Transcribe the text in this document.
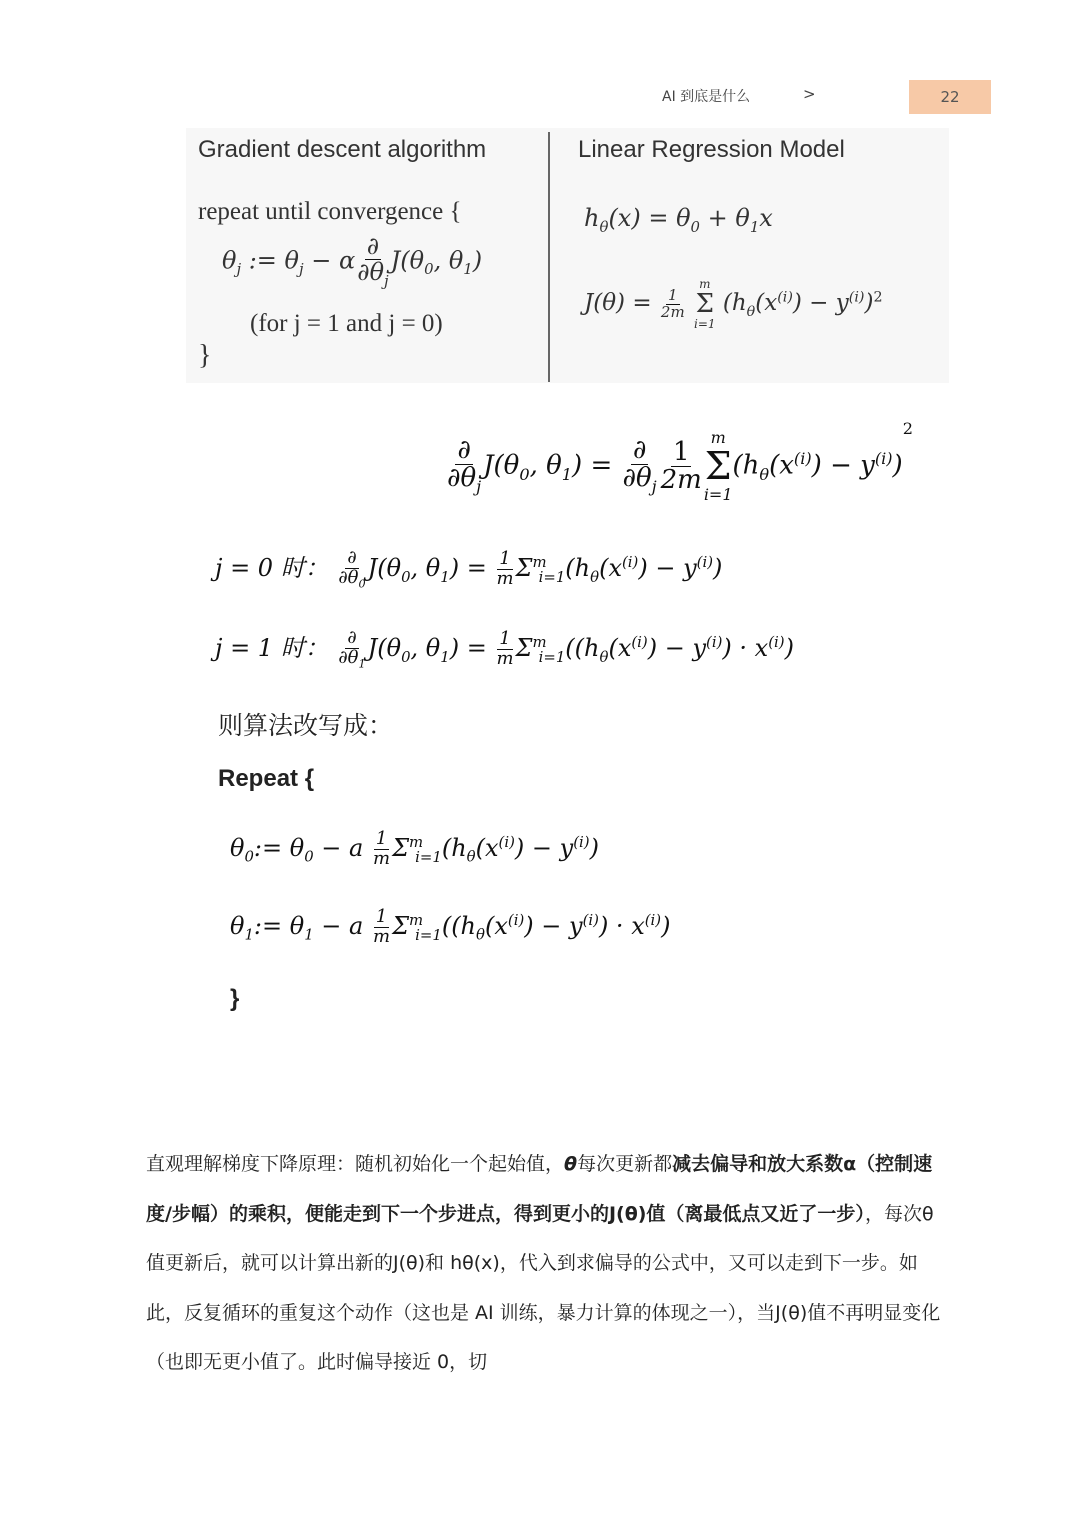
AI 到底是什么	>	22
Gradient descent algorithm	Linear Regression Model
repeat until convergence {
$\theta_j$ := $\theta_j - \alpha \frac{\partial}{\partial\theta_j} J(\theta_0$, $\theta_1$)
(for j = 1 and j = 0)
}
$h_\theta(x) = \theta_0 + \theta_1x$
$J(\theta) = \frac{1}{2m}$

m
Σ
i=1
$(h_\theta(x^{(i)}) - y^{(i)})^2$
$\frac{\partial}{\partial\theta_j} J(\theta_0$, $\theta_1) = \frac{\partial}{\partial\theta_j} \frac{1}{2m}$
m
Σ
i=1
$(h_\theta(x^{(i)}) - y^{(i)})^2$
j = 0 时： $\frac{\partial}{\partial\theta_0} J(\theta_0$, $\theta_1) = \frac{1}{m} \Sigma^m_{i=1}(h_\theta(x^{(i)}) - y^{(i)})$
j = 1 时： $\frac{\partial}{\partial\theta_1} J(\theta_0$, $\theta_1) = \frac{1}{m} \Sigma^m_{i=1}((h_\theta(x^{(i)}) - y^{(i)}) \cdot x^{(i)})$
则算法改写成：
Repeat {
$\theta_0:= \theta_0 - a \frac{1}{m} \Sigma^m_{i=1}(h_\theta(x^{(i)}) - y^{(i)})$
$\theta_1:= \theta_1 - a \frac{1}{m} \Sigma^m_{i=1}((h_\theta(x^{(i)}) - y^{(i)}) \cdot x^{(i)})$
}
直观理解梯度下降原理：随机初始化一个起始值，θ每次更新都减去偏导和放大系数α（控制速度/步幅）的乘积，便能走到下一个步进点，得到更小的J(θ)值（离最低点又近了一步），每次θ值更新后，就可以计算出新的J(θ)和 hθ(x)，代入到求偏导的公式中，又可以走到下一步。如此，反复循环的重复这个动作（这也是 AI 训练，暴力计算的体现之一），当J(θ)值不再明显变化（也即无更小值了。此时偏导接近 0，切
